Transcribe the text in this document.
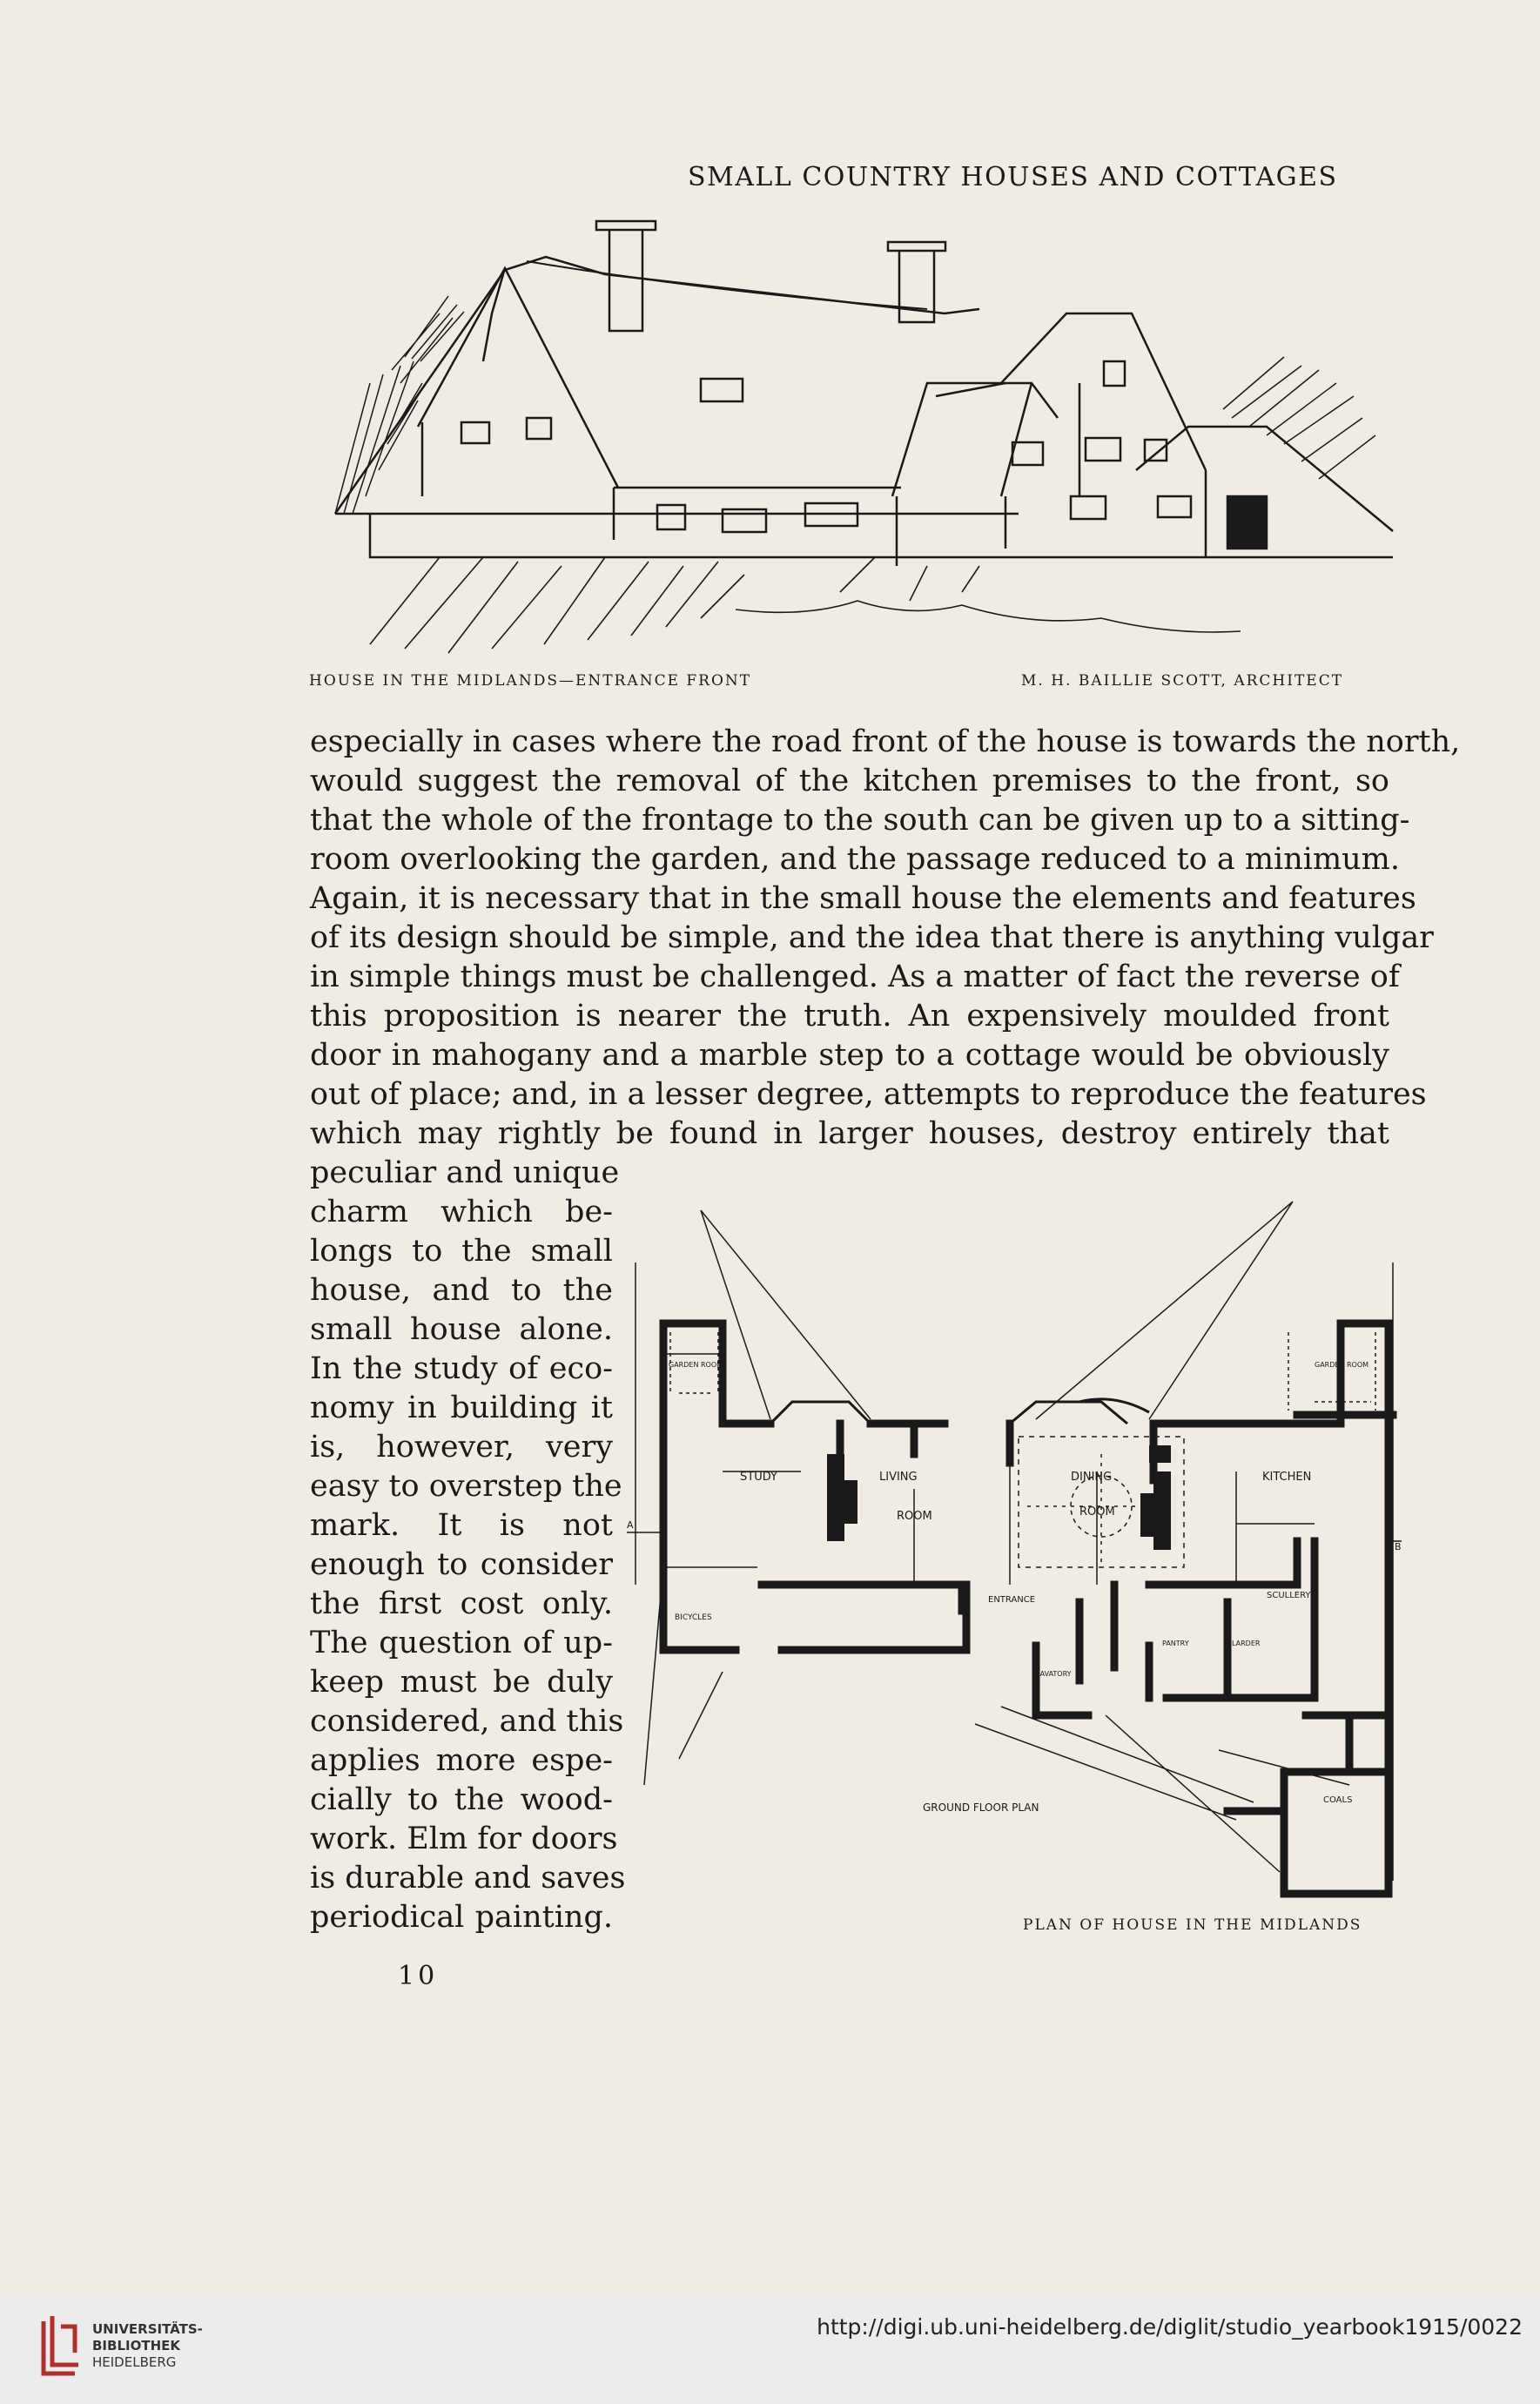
SMALL COUNTRY HOUSES AND COTTAGES
HOUSE IN THE MIDLANDS—ENTRANCE FRONT	M. H. BAILLIE SCOTT, ARCHITECT
especially in cases where the road front of the house is towards the north,
would suggest the removal of the kitchen premises to the front, so
that the whole of the frontage to the south can be given up to a sitting-
room overlooking the garden, and the passage reduced to a minimum.
Again, it is necessary that in the small house the elements and features
of its design should be simple, and the idea that there is anything vulgar
in simple things must be challenged. As a matter of fact the reverse of
this proposition is nearer the truth. An expensively moulded front
door in mahogany and a marble step to a cottage would be obviously
out of place; and, in a lesser degree, attempts to reproduce the features
which may rightly be found in larger houses, destroy entirely that
peculiar and unique
charm which be-
longs to the small
house, and to the
small house alone.
In the study of eco-
nomy in building it
is, however, very
easy to overstep the
mark. It is not
enough to consider
the first cost only.
The question of up-
keep must be duly
considered, and this
applies more espe-
cially to the wood-
work. Elm for doors
is durable and saves
periodical painting.
STUDY	LIVING
ROOM
DINING
ROOM
KITCHEN
SCULLERY
ENTRANCE
BICYCLES
COALS
GARDEN ROOM	GARDEN ROOM
PANTRY	LARDER
LAVATORY
GROUND FLOOR PLAN
A
B
PLAN OF HOUSE IN THE MIDLANDS
10
UNIVERSITÄTS-
BIBLIOTHEK
HEIDELBERG
http://digi.ub.uni-heidelberg.de/diglit/studio_yearbook1915/0022
